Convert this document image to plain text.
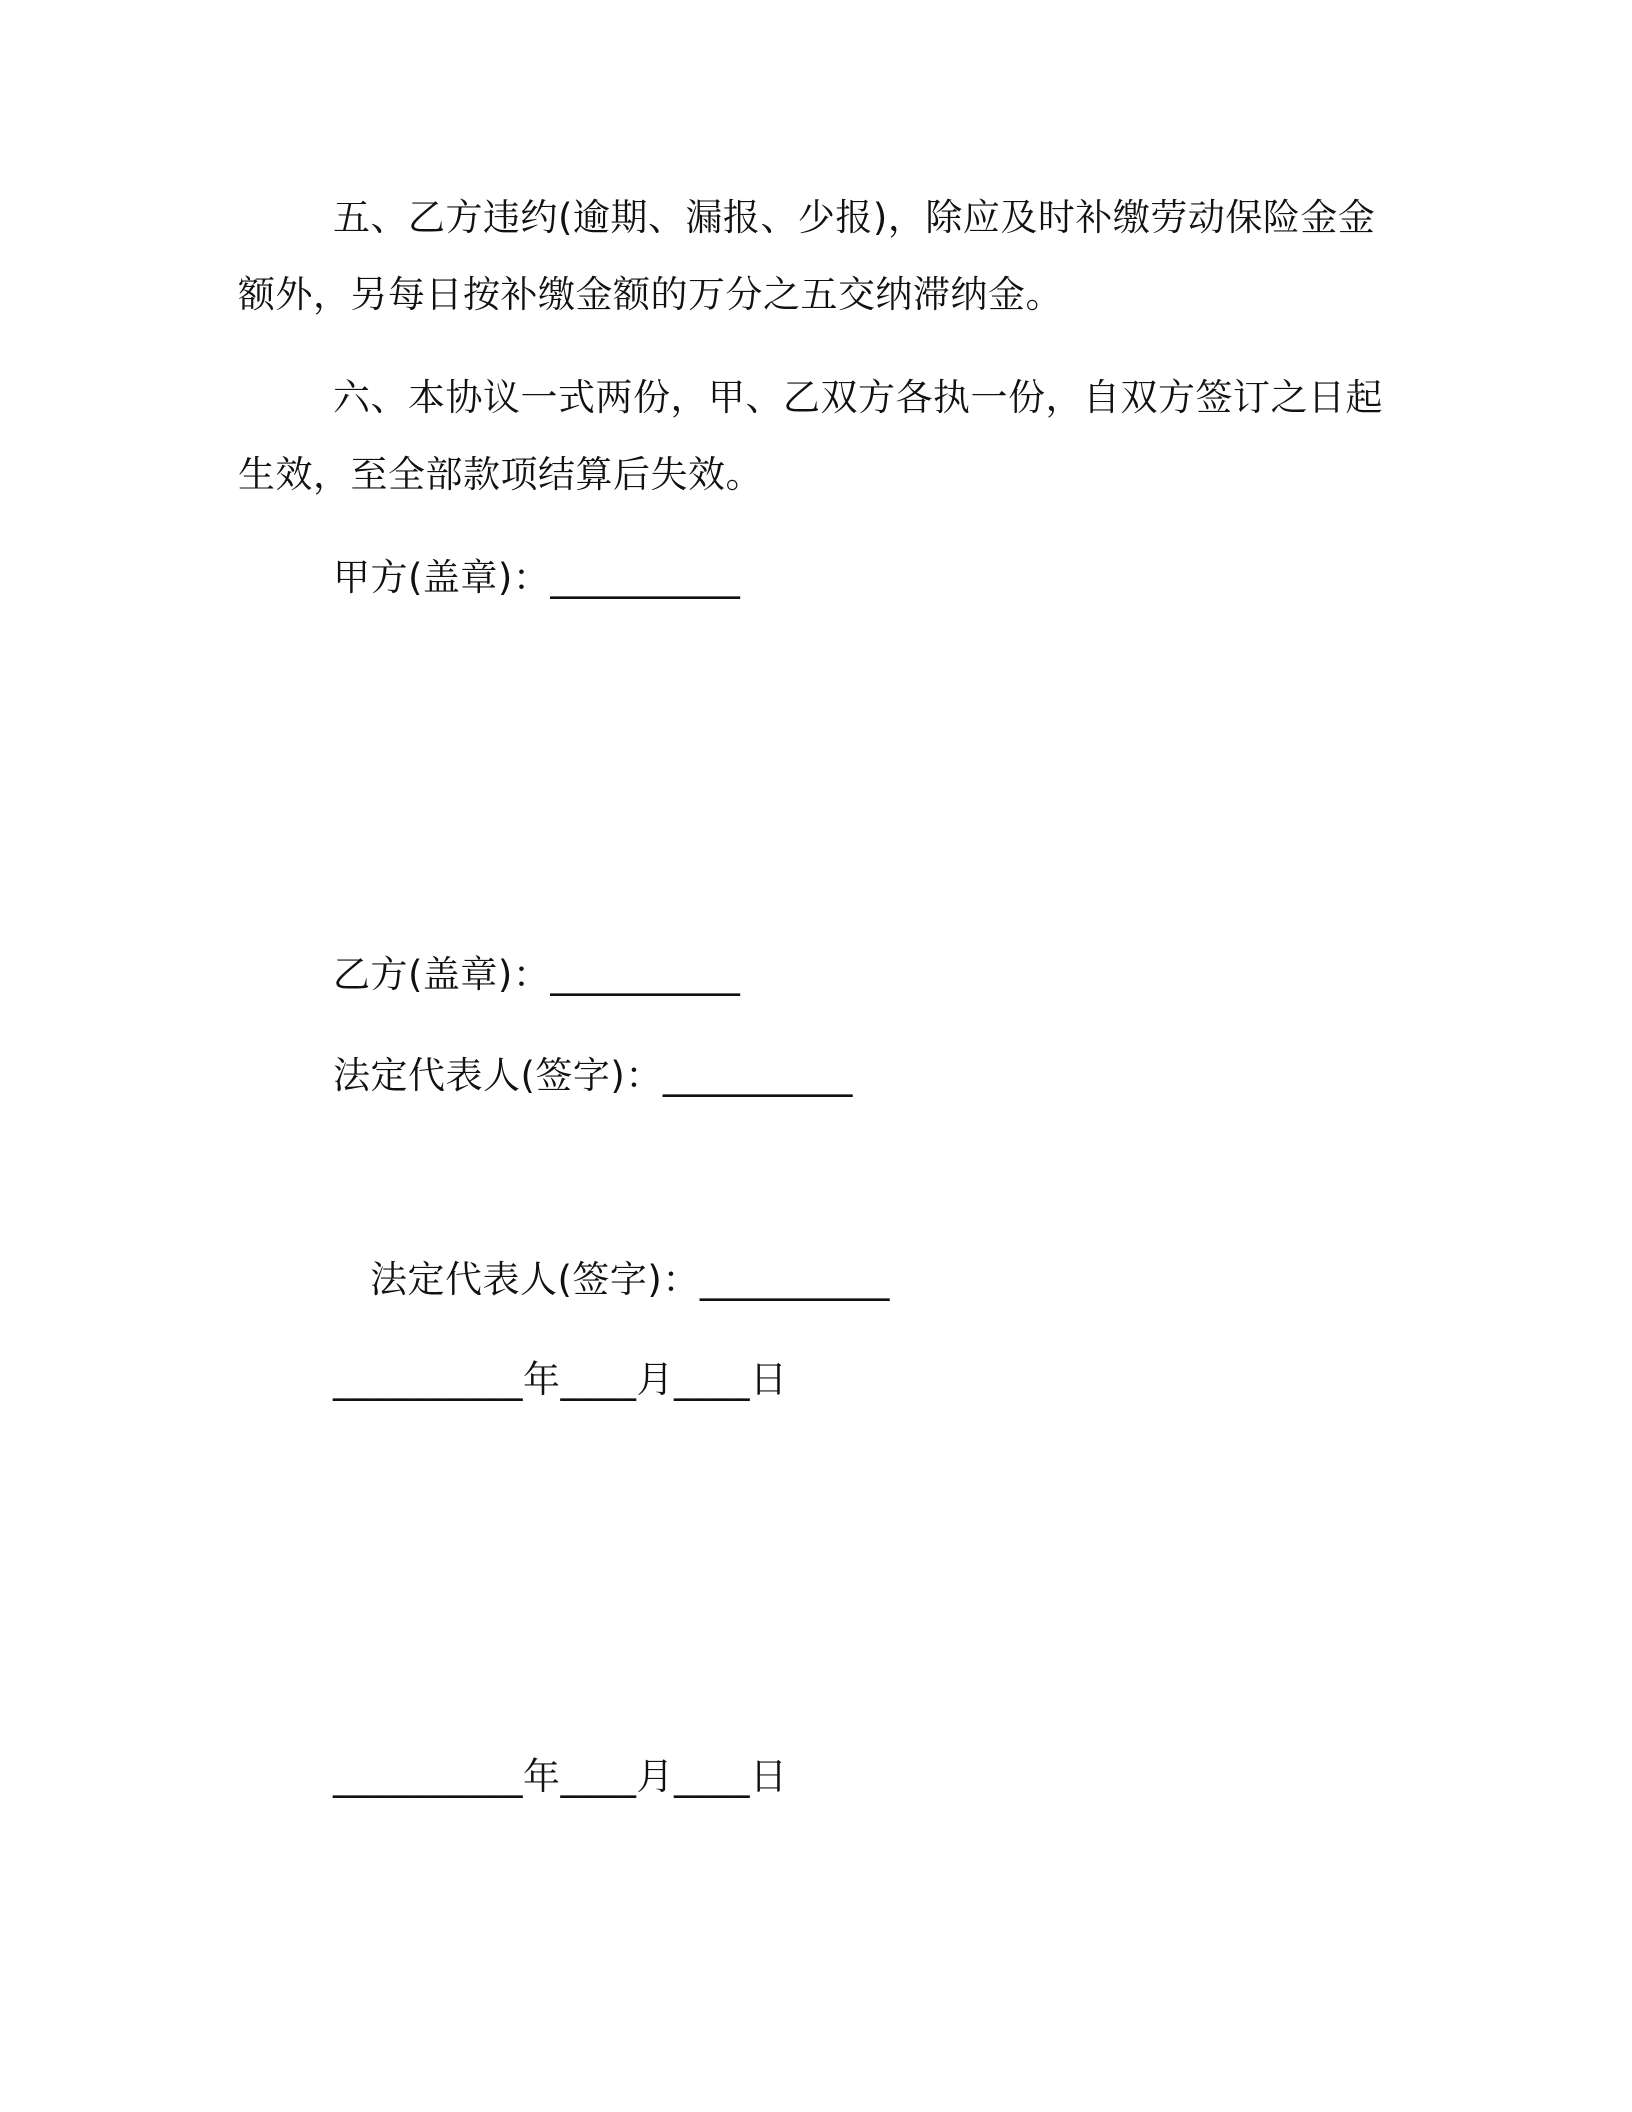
五、乙方违约(逾期、漏报、少报)，除应及时补缴劳动保险金金

额外，另每日按补缴金额的万分之五交纳滞纳金。

六、本协议一式两份，甲、乙双方各执一份，自双方签订之日起

生效，至全部款项结算后失效。

甲方(盖章)：__________

乙方(盖章)：__________

法定代表人(签字)：__________

法定代表人(签字)：__________

__________年____月____日

__________年____月____日
